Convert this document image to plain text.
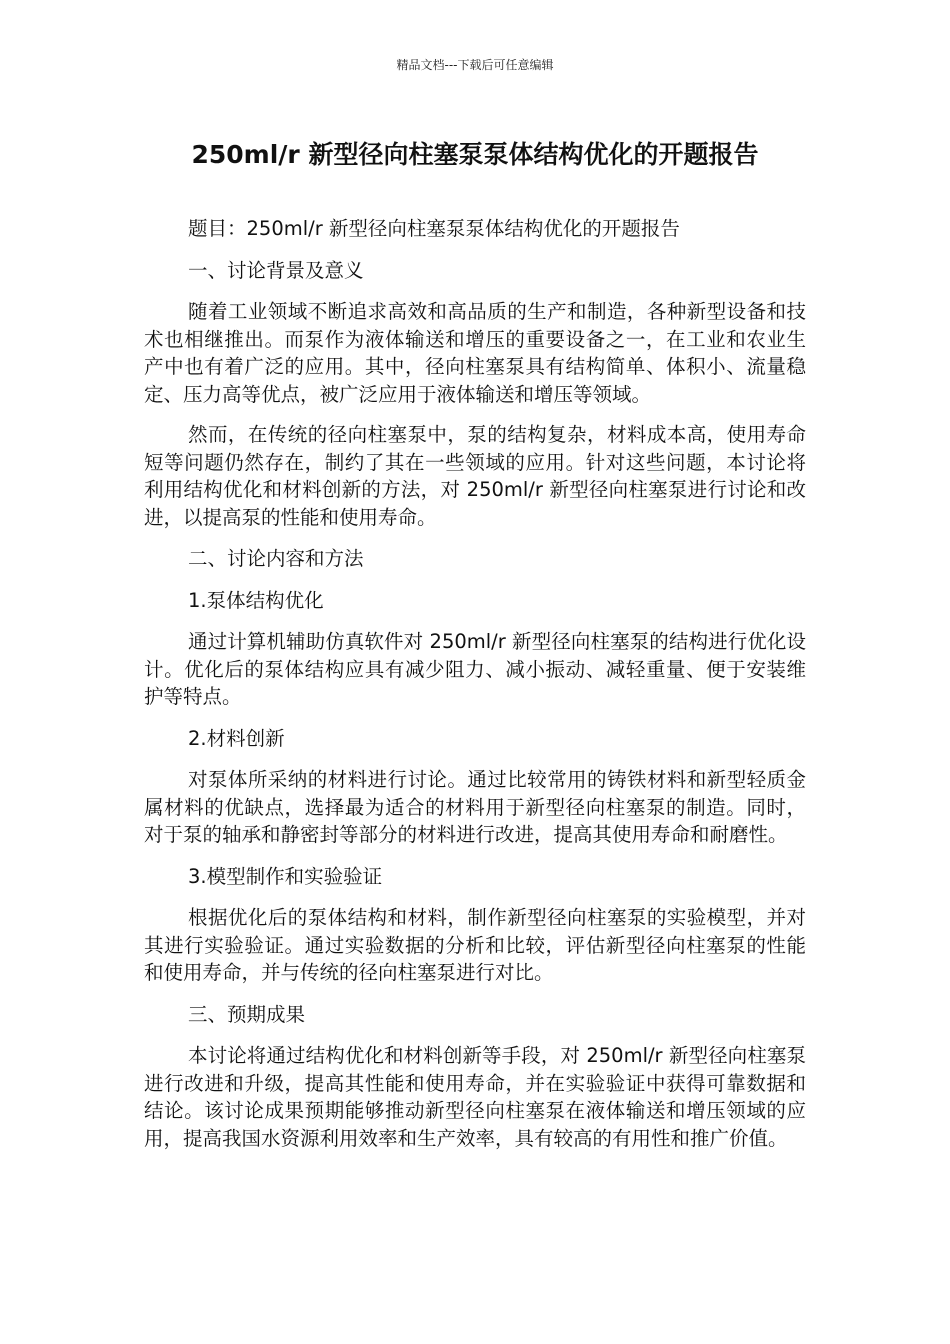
精品文档---下载后可任意编辑
250ml/r 新型径向柱塞泵泵体结构优化的开题报告

题目：250ml/r 新型径向柱塞泵泵体结构优化的开题报告

一、讨论背景及意义

随着工业领域不断追求高效和高品质的生产和制造，各种新型设备和技术也相继推出。而泵作为液体输送和增压的重要设备之一，在工业和农业生产中也有着广泛的应用。其中，径向柱塞泵具有结构简单、体积小、流量稳定、压力高等优点，被广泛应用于液体输送和增压等领域。

然而，在传统的径向柱塞泵中，泵的结构复杂，材料成本高，使用寿命短等问题仍然存在，制约了其在一些领域的应用。针对这些问题，本讨论将利用结构优化和材料创新的方法，对 250ml/r 新型径向柱塞泵进行讨论和改进，以提高泵的性能和使用寿命。

二、讨论内容和方法

1.泵体结构优化

通过计算机辅助仿真软件对 250ml/r 新型径向柱塞泵的结构进行优化设计。优化后的泵体结构应具有减少阻力、减小振动、减轻重量、便于安装维护等特点。

2.材料创新

对泵体所采纳的材料进行讨论。通过比较常用的铸铁材料和新型轻质金属材料的优缺点，选择最为适合的材料用于新型径向柱塞泵的制造。同时，对于泵的轴承和静密封等部分的材料进行改进，提高其使用寿命和耐磨性。

3.模型制作和实验验证

根据优化后的泵体结构和材料，制作新型径向柱塞泵的实验模型，并对其进行实验验证。通过实验数据的分析和比较，评估新型径向柱塞泵的性能和使用寿命，并与传统的径向柱塞泵进行对比。

三、预期成果

本讨论将通过结构优化和材料创新等手段，对 250ml/r 新型径向柱塞泵进行改进和升级，提高其性能和使用寿命，并在实验验证中获得可靠数据和结论。该讨论成果预期能够推动新型径向柱塞泵在液体输送和增压领域的应用，提高我国水资源利用效率和生产效率，具有较高的有用性和推广价值。
